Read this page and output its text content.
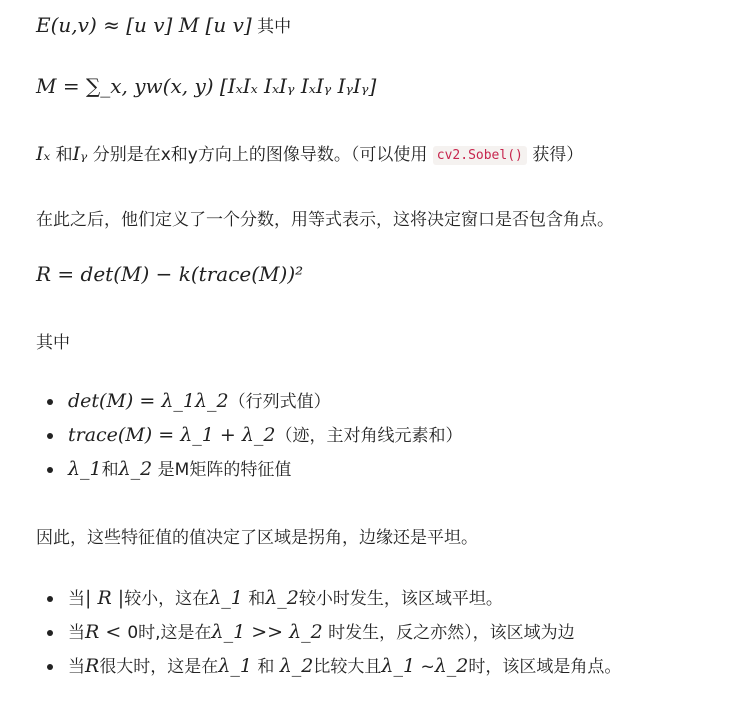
E(u,v) ≈ [u v] M [u v] 其中
M = ∑_x, yw(x, y) [IₓIₓ IₓIᵧ IₓIᵧ IᵧIᵧ]
Iₓ 和Iᵧ 分别是在x和y方向上的图像导数。（可以使用 cv2.Sobel() 获得）
在此之后，他们定义了一个分数，用等式表示，这将决定窗口是否包含角点。
R = det(M) − k(trace(M))²
其中
det(M) = λ_1λ_2（行列式值）
trace(M) = λ_1 + λ_2（迹，主对角线元素和）
λ_1和λ_2 是M矩阵的特征值
因此，这些特征值的值决定了区域是拐角，边缘还是平坦。
当| R |较小，这在λ_1 和λ_2较小时发生，该区域平坦。
当R < 0时,这是在λ_1 >> λ_2 时发生，反之亦然），该区域为边
当R很大时，这是在λ_1 和 λ_2比较大且λ_1 ~λ_2时，该区域是角点。
